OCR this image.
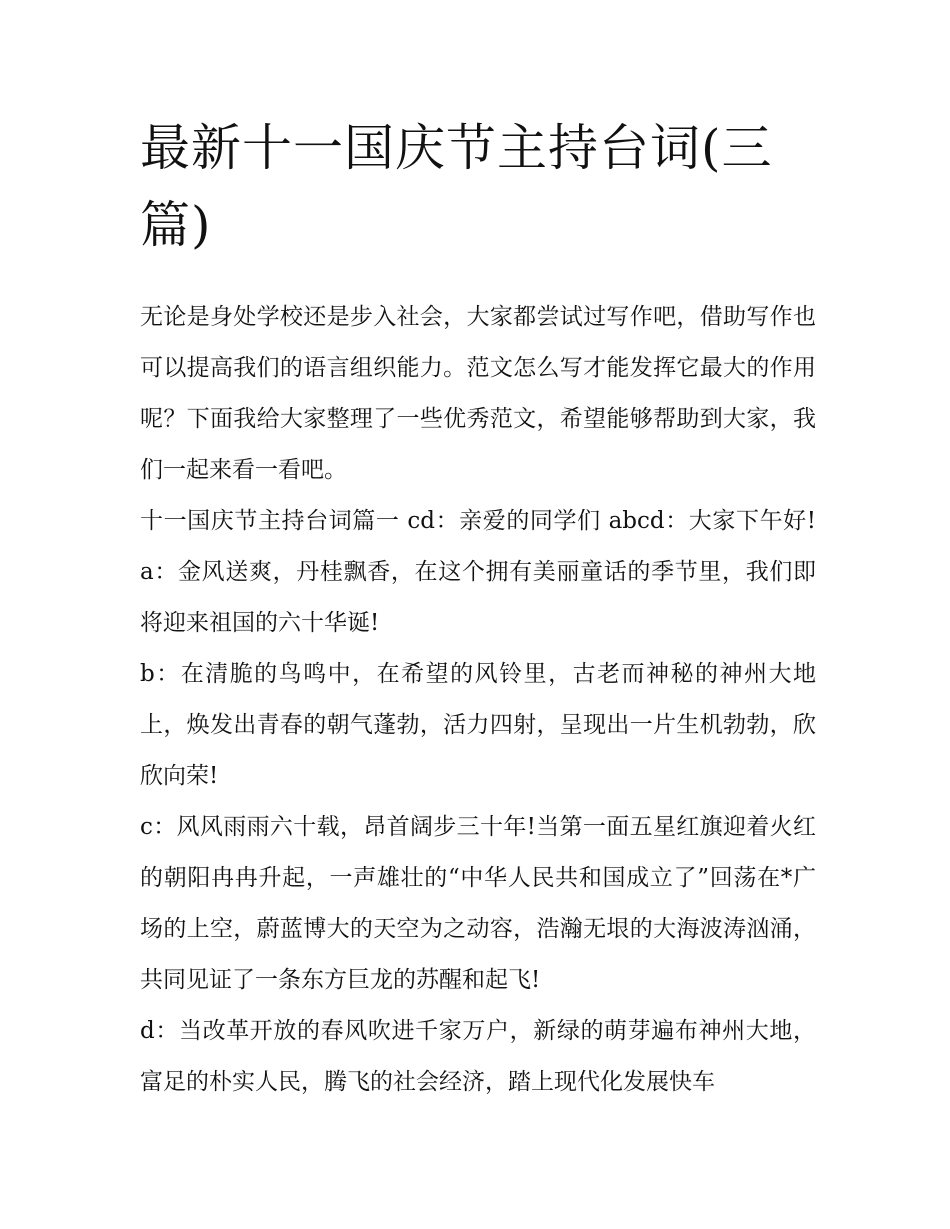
最新十一国庆节主持台词(三篇)

无论是身处学校还是步入社会，大家都尝试过写作吧，借助写作也可以提高我们的语言组织能力。范文怎么写才能发挥它最大的作用呢？下面我给大家整理了一些优秀范文，希望能够帮助到大家，我们一起来看一看吧。

十一国庆节主持台词篇一 cd：亲爱的同学们 abcd：大家下午好! a：金风送爽，丹桂飘香，在这个拥有美丽童话的季节里，我们即将迎来祖国的六十华诞!

b：在清脆的鸟鸣中，在希望的风铃里，古老而神秘的神州大地上，焕发出青春的朝气蓬勃，活力四射，呈现出一片生机勃勃，欣欣向荣!

c：风风雨雨六十载，昂首阔步三十年!当第一面五星红旗迎着火红的朝阳冉冉升起，一声雄壮的“中华人民共和国成立了”回荡在*广场的上空，蔚蓝博大的天空为之动容，浩瀚无垠的大海波涛汹涌，共同见证了一条东方巨龙的苏醒和起飞!

d：当改革开放的春风吹进千家万户，新绿的萌芽遍布神州大地，富足的朴实人民，腾飞的社会经济，踏上现代化发展快车
